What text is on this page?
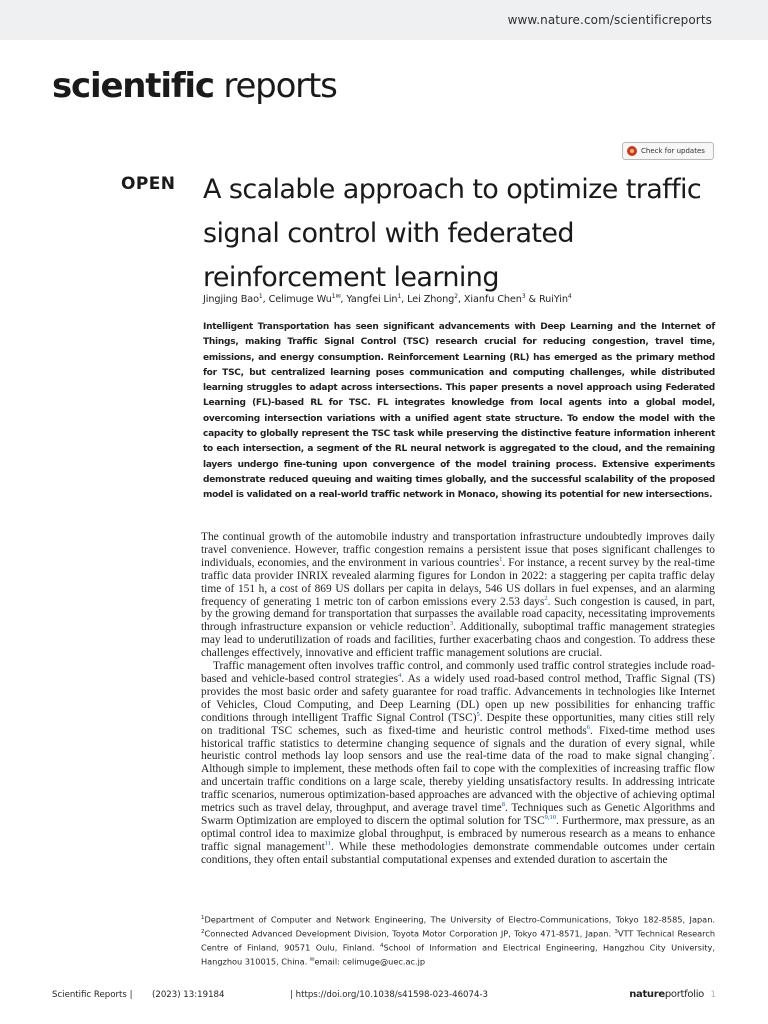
www.nature.com/scientificreports
scientific reports
Check for updates
OPEN A scalable approach to optimize traffic signal control with federated reinforcement learning
Jingjing Bao$^1$, Celimuge $Wu^{1✉}$, Yangfei Lin$^1$, Lei Zhong$^2$, Xianfu Chen$^3$ & RuiYin$^4$

Intelligent Transportation has seen significant advancements with Deep Learning and the Internet of Things, making Traffic Signal Control (TSC) research crucial for reducing congestion, travel time, emissions, and energy consumption. Reinforcement Learning (RL) has emerged as the primary method for TSC, but centralized learning poses communication and computing challenges, while distributed learning struggles to adapt across intersections. This paper presents a novel approach using Federated Learning (FL)-based RL for TSC. FL integrates knowledge from local agents into a global model, overcoming intersection variations with a unified agent state structure. To endow the model with the capacity to globally represent the TSC task while preserving the distinctive feature information inherent to each intersection, a segment of the RL neural network is aggregated to the cloud, and the remaining layers undergo fine-tuning upon convergence of the model training process. Extensive experiments demonstrate reduced queuing and waiting times globally, and the successful scalability of the proposed model is validated on a real-world traffic network in Monaco, showing its potential for new intersections.

The continual growth of the automobile industry and transportation infrastructure undoubtedly improves daily travel convenience. However, traffic congestion remains a persistent issue that poses significant challenges to individuals, economies, and the environment in various countries$^1$. For instance, a recent survey by the real-time traffic data provider INRIX revealed alarming figures for London in 2022: a staggering per capita traffic delay time of 151 h, a cost of 869 US dollars per capita in delays, 546 US dollars in fuel expenses, and an alarming frequency of generating 1 metric ton of carbon emissions every 2.53 days$^2$. Such congestion is caused, in part, by the growing demand for transportation that surpasses the available road capacity, necessitating improvements through infrastructure expansion or vehicle reduction$^3$. Additionally, suboptimal traffic management strategies may lead to underutilization of roads and facilities, further exacerbating chaos and congestion. To address these challenges effectively, innovative and efficient traffic management solutions are crucial.

Traffic management often involves traffic control, and commonly used traffic control strategies include road-based and vehicle-based control strategies$^4$. As a widely used road-based control method, Traffic Signal (TS) provides the most basic order and safety guarantee for road traffic. Advancements in technologies like Internet of Vehicles, Cloud Computing, and Deep Learning (DL) open up new possibilities for enhancing traffic conditions through intelligent Traffic Signal Control (TSC)$^5$. Despite these opportunities, many cities still rely on traditional TSC schemes, such as fixed-time and heuristic control methods$^6$. Fixed-time method uses historical traffic statistics to determine changing sequence of signals and the duration of every signal, while heuristic control methods lay loop sensors and use the real-time data of the road to make signal changing$^7$. Although simple to implement, these methods often fail to cope with the complexities of increasing traffic flow and uncertain traffic conditions on a large scale, thereby yielding unsatisfactory results. In addressing intricate traffic scenarios, numerous optimization-based approaches are advanced with the objective of achieving optimal metrics such as travel delay, throughput, and average travel time$^8$. Techniques such as Genetic Algorithms and Swarm Optimization are employed to discern the optimal solution for TSC$^{9,10}$. Furthermore, max pressure, as an optimal control idea to maximize global throughput, is embraced by numerous research as a means to enhance traffic signal management$^{11}$. While these methodologies demonstrate commendable outcomes under certain conditions, they often entail substantial computational expenses and extended duration to ascertain the

$^1$Department of Computer and Network Engineering, The University of Electro-Communications, Tokyo 182-8585, Japan. $^2$Connected Advanced Development Division, Toyota Motor Corporation JP, Tokyo 471-8571, Japan. $^3$VTT Technical Research Centre of Finland, 90571 Oulu, Finland. $^4$School of Information and Electrical Engineering, Hangzhou City University, Hangzhou 310015, China. ✉email: celimuge@uec.ac.jp

Scientific Reports | (2023) 13:19184	| https://doi.org/10.1038/s41598-023-46074-3	natureportfolio 1
